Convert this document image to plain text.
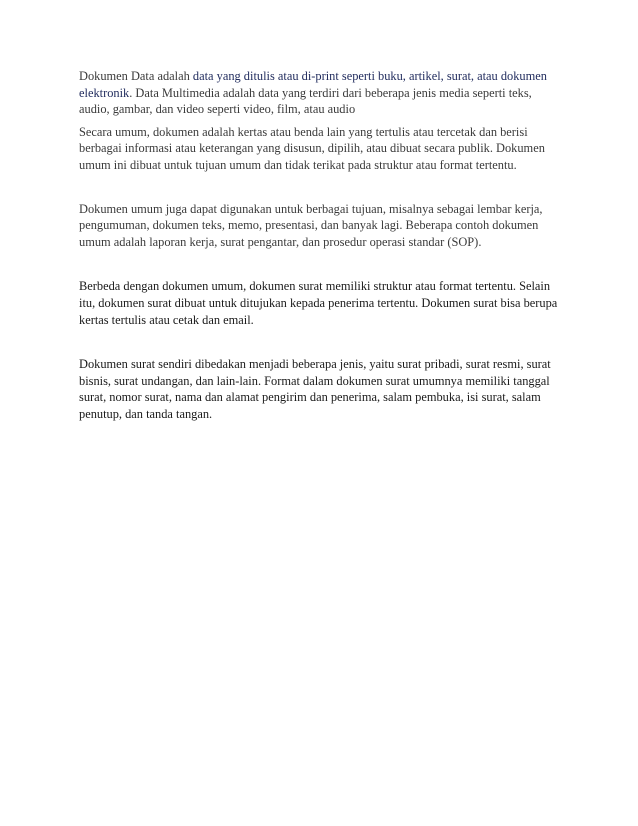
Dokumen Data adalah data yang ditulis atau di-print seperti buku, artikel, surat, atau dokumen elektronik. Data Multimedia adalah data yang terdiri dari beberapa jenis media seperti teks, audio, gambar, dan video seperti video, film, atau audio

Secara umum, dokumen adalah kertas atau benda lain yang tertulis atau tercetak dan berisi berbagai informasi atau keterangan yang disusun, dipilih, atau dibuat secara publik. Dokumen umum ini dibuat untuk tujuan umum dan tidak terikat pada struktur atau format tertentu.

Dokumen umum juga dapat digunakan untuk berbagai tujuan, misalnya sebagai lembar kerja, pengumuman, dokumen teks, memo, presentasi, dan banyak lagi. Beberapa contoh dokumen umum adalah laporan kerja, surat pengantar, dan prosedur operasi standar (SOP).

Berbeda dengan dokumen umum, dokumen surat memiliki struktur atau format tertentu. Selain itu, dokumen surat dibuat untuk ditujukan kepada penerima tertentu. Dokumen surat bisa berupa kertas tertulis atau cetak dan email.

Dokumen surat sendiri dibedakan menjadi beberapa jenis, yaitu surat pribadi, surat resmi, surat bisnis, surat undangan, dan lain-lain. Format dalam dokumen surat umumnya memiliki tanggal surat, nomor surat, nama dan alamat pengirim dan penerima, salam pembuka, isi surat, salam penutup, dan tanda tangan.
